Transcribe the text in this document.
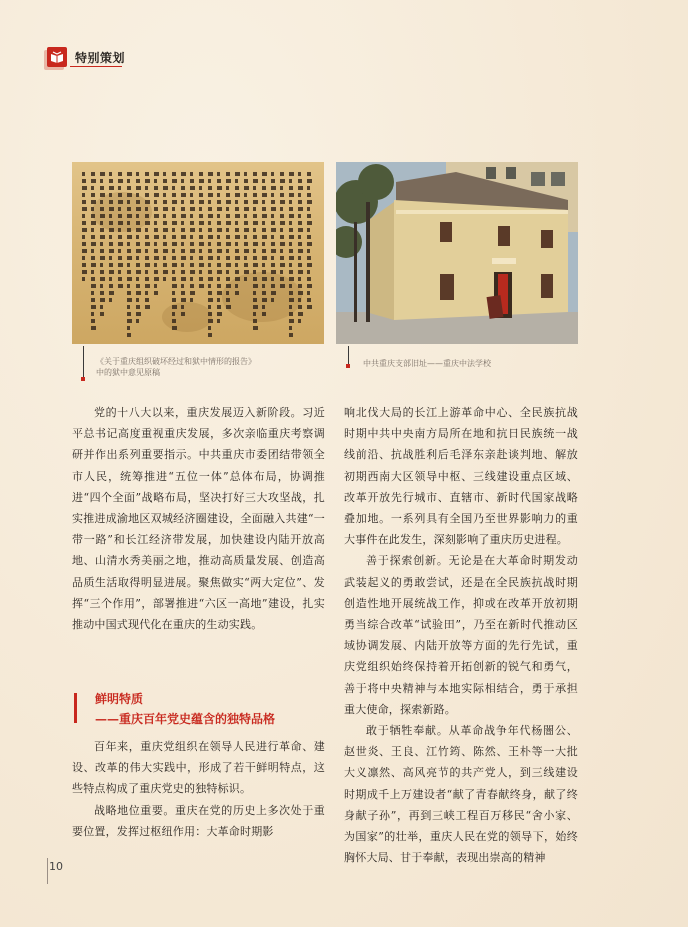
特别策划
《关于重庆组织破坏经过和狱中情形的报告》
中的狱中意见原稿
中共重庆支部旧址——重庆中法学校

党的十八大以来，重庆发展迈入新阶段。习近平总书记高度重视重庆发展，多次亲临重庆考察调研并作出系列重要指示。中共重庆市委团结带领全市人民，统筹推进“五位一体”总体布局，协调推进“四个全面”战略布局，坚决打好三大攻坚战，扎实推进成渝地区双城经济圈建设，全面融入共建“一带一路”和长江经济带发展，加快建设内陆开放高地、山清水秀美丽之地，推动高质量发展、创造高品质生活取得明显进展。聚焦做实“两大定位”、发挥“三个作用”，部署推进“六区一高地”建设，扎实推动中国式现代化在重庆的生动实践。

鲜明特质
——重庆百年党史蕴含的独特品格

百年来，重庆党组织在领导人民进行革命、建设、改革的伟大实践中，形成了若干鲜明特点，这些特点构成了重庆党史的独特标识。

战略地位重要。重庆在党的历史上多次处于重要位置，发挥过枢纽作用：大革命时期影

响北伐大局的长江上游革命中心、全民族抗战时期中共中央南方局所在地和抗日民族统一战线前沿、抗战胜利后毛泽东亲赴谈判地、解放初期西南大区领导中枢、三线建设重点区域、改革开放先行城市、直辖市、新时代国家战略叠加地。一系列具有全国乃至世界影响力的重大事件在此发生，深刻影响了重庆历史进程。

善于探索创新。无论是在大革命时期发动武装起义的勇敢尝试，还是在全民族抗战时期创造性地开展统战工作，抑或在改革开放初期勇当综合改革“试验田”，乃至在新时代推动区域协调发展、内陆开放等方面的先行先试，重庆党组织始终保持着开拓创新的锐气和勇气，善于将中央精神与本地实际相结合，勇于承担重大使命，探索新路。

敢于牺牲奉献。从革命战争年代杨闇公、赵世炎、王良、江竹筠、陈然、王朴等一大批大义凛然、高风亮节的共产党人，到三线建设时期成千上万建设者“献了青春献终身，献了终身献子孙”，再到三峡工程百万移民“舍小家、为国家”的壮举，重庆人民在党的领导下，始终胸怀大局、甘于奉献，表现出崇高的精神

10
